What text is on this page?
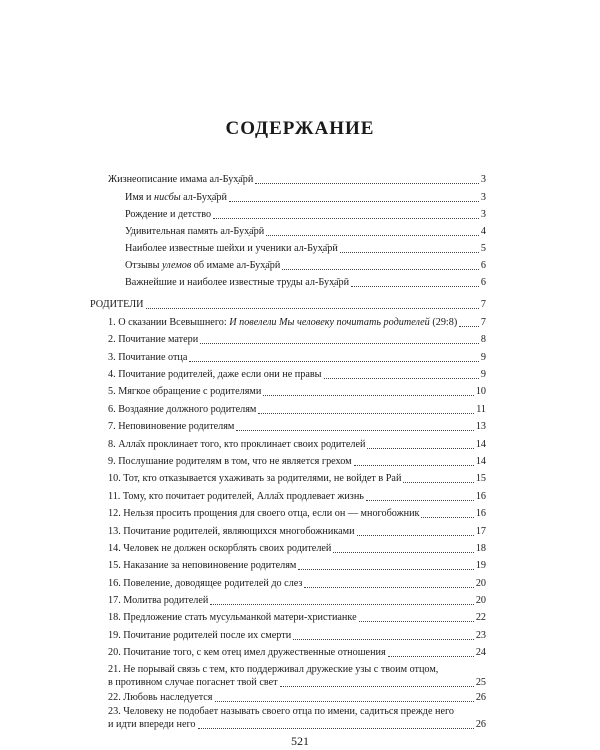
СОДЕРЖАНИЕ
Жизнеописание имама ал-Бух̣а̄рӣ	3
Имя и нисбы ал-Бух̣а̄рӣ	3
Рождение и детство	3
Удивительная память ал-Бух̣а̄рӣ	4
Наиболее известные шейхи и ученики ал-Бух̣а̄рӣ	5
Отзывы улемов об имаме ал-Бух̣а̄рӣ	6
Важнейшие и наиболее известные труды ал-Бух̣а̄рӣ	6
РОДИТЕЛИ	7
1. О сказании Всевышнего: И повелели Мы человеку почитать родителей (29:8) 7
2. Почитание матери	8
3. Почитание отца	9
4. Почитание родителей, даже если они не правы	9
5. Мягкое обращение с родителями	10
6. Воздаяние должного родителям	11
7. Неповиновение родителям	13
8. Алла̄х проклинает того, кто проклинает своих родителей	14
9. Послушание родителям в том, что не является грехом	14
10. Тот, кто отказывается ухаживать за родителями, не войдет в Рай	15
11. Тому, кто почитает родителей, Алла̄х продлевает жизнь	16
12. Нельзя просить прощения для своего отца, если он — многобожник	16
13. Почитание родителей, являющихся многобожниками	17
14. Человек не должен оскорблять своих родителей	18
15. Наказание за неповиновение родителям	19
16. Повеление, доводящее родителей до слез	20
17. Молитва родителей	20
18. Предложение стать мусульманкой матери-христианке	22
19. Почитание родителей после их смерти	23
20. Почитание того, с кем отец имел дружественные отношения	24
21. Не порывай связь с тем, кто поддерживал дружеские узы с твоим отцом,
в противном случае погаснет твой свет	25
22. Любовь наследуется	26
521
23. Человеку не подобает называть своего отца по имени, садиться прежде него
и идти впереди него	26
